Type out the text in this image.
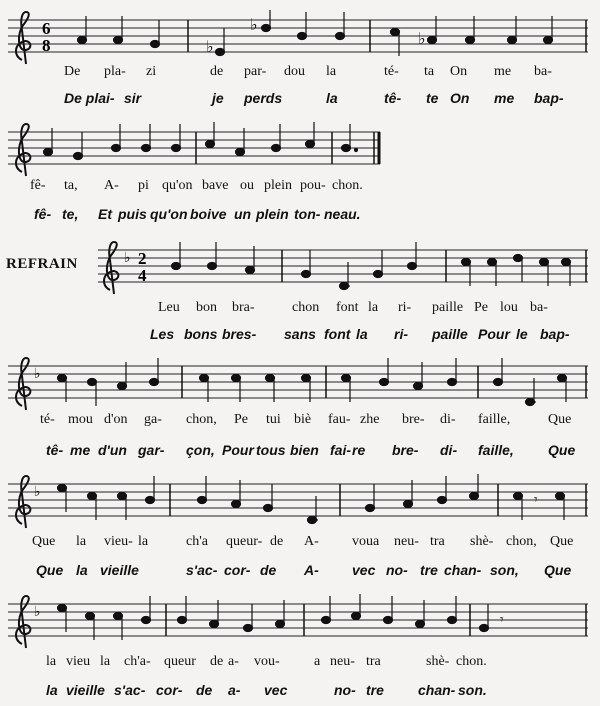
6
8	♭
♭
♭
De pla- zi	de par- dou la	té- ta On me ba-
De plai- sir	je perds	la	tê- te On me bap-
fê- ta, A- pi qu'on bave ou plein pou- chon.
fê- te, Et puis qu'on boive un plein ton- neau.
REFRAIN	♭ 2
4
Leu bon bra-	chon font la ri- paille Pe lou ba-
Les bons bres- sans font la ri- paille Pour le bap-
♭
té- mou d'on ga- chon, Pe tui biè fau- zhe bre- di- faille,	Que
tê- me d'un gar- çon, Pour tous bien fai- re bre- di- faille, Que
♭
𝄾
Que la vieu- la	ch'a queur- de A- voua neu- tra shè- chon, Que
Que la vieille	s'ac- cor- de A- vec no- tre chan- son, Que
♭
𝄾
la vieu la ch'a- queur de a- vou- a neu- tra	shè- chon.
la vieille s'ac- cor- de a- vec	no- tre chan- son.
